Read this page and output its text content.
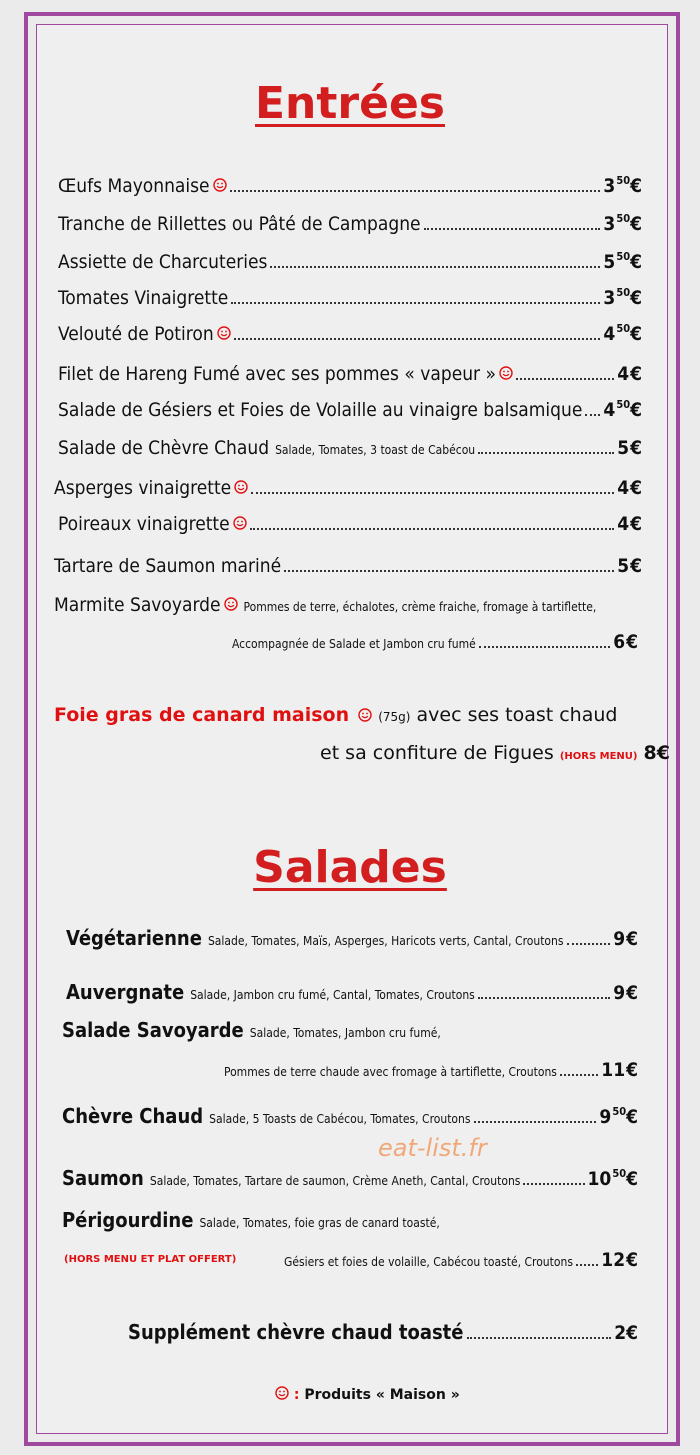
Entrées
Œufs Mayonnaise	$3^{50}€$
Tranche de Rillettes ou Pâté de Campagne	$3^{50}€$
Assiette de Charcuteries	$5^{50}€$
Tomates Vinaigrette	$3^{50}€$
Velouté de Potiron	$4^{50}€$
Filet de Hareng Fumé avec ses pommes « vapeur »	4€
Salade de Gésiers et Foies de Volaille au vinaigre balsamique $4^{50}€$
Salade de Chèvre Chaud Salade, Tomates, 3 toast de Cabécou	5€
Asperges vinaigrette	4€
Poireaux vinaigrette	4€
Tartare de Saumon mariné	5€
Marmite Savoyarde Pommes de terre, échalotes, crème fraiche, fromage à tartiflette,
Accompagnée de Salade et Jambon cru fumé	6€
Foie gras de canard maison (75g) avec ses toast chaud
et sa confiture de Figues (HORS MENU) 8€
Salades
Végétarienne Salade, Tomates, Maïs, Asperges, Haricots verts, Cantal, Croutons	9€
Auvergnate Salade, Jambon cru fumé, Cantal, Tomates, Croutons	9€
Salade Savoyarde Salade, Tomates, Jambon cru fumé,
Pommes de terre chaude avec fromage à tartiflette, Croutons 11€
Chèvre Chaud Salade, 5 Toasts de Cabécou, Tomates, Croutons	$9^{50}€$
Saumon Salade, Tomates, Tartare de saumon, Crème Aneth, Cantal, Croutons	$10^{50}€$
Périgourdine Salade, Tomates, foie gras de canard toasté,
Gésiers et foies de volaille, Cabécou toasté, Croutons 12€
(HORS MENU ET PLAT OFFERT)
Supplément chèvre chaud toasté	2€
: Produits « Maison »
eat-list.fr
